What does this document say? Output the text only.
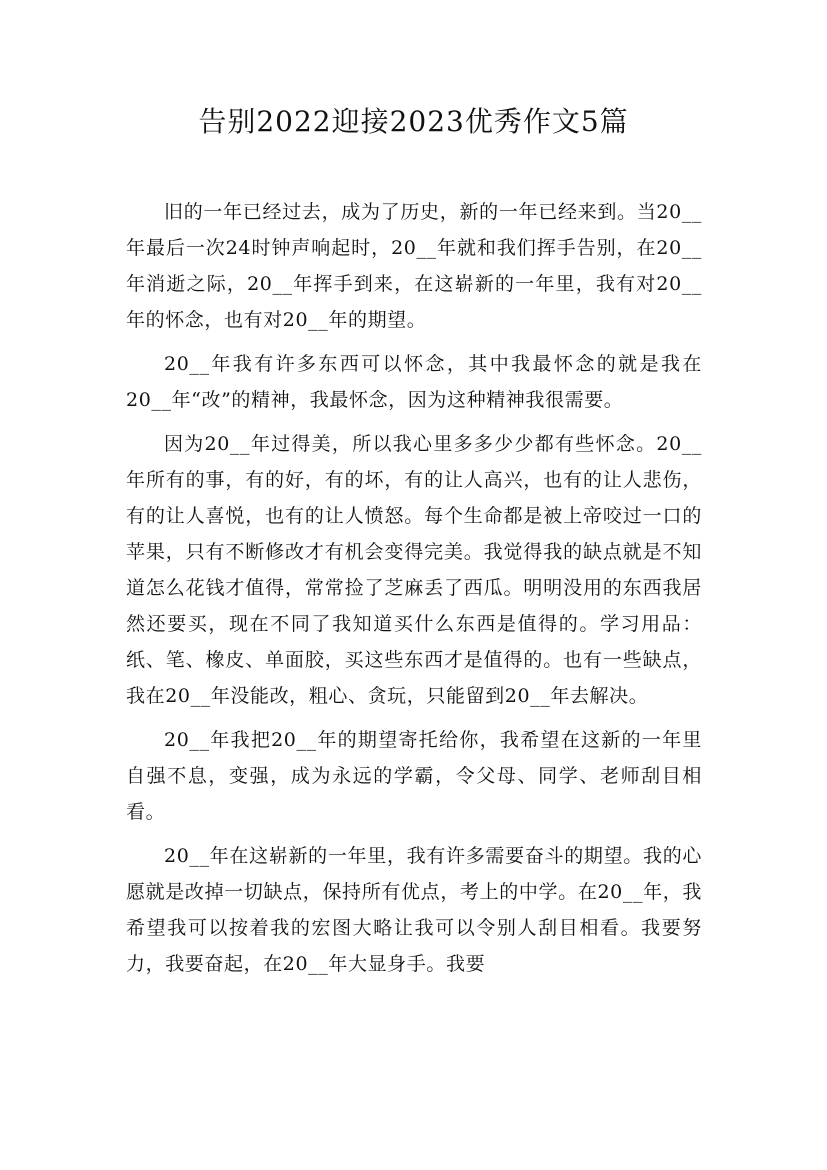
告别2022迎接2023优秀作文5篇

旧的一年已经过去，成为了历史，新的一年已经来到。当20__年最后一次24时钟声响起时，20__年就和我们挥手告别，在20__年消逝之际，20__年挥手到来，在这崭新的一年里，我有对20__年的怀念，也有对20__年的期望。

20__年我有许多东西可以怀念，其中我最怀念的就是我在20__年“改”的精神，我最怀念，因为这种精神我很需要。

因为20__年过得美，所以我心里多多少少都有些怀念。20__年所有的事，有的好，有的坏，有的让人高兴，也有的让人悲伤，有的让人喜悦，也有的让人愤怒。每个生命都是被上帝咬过一口的苹果，只有不断修改才有机会变得完美。我觉得我的缺点就是不知道怎么花钱才值得，常常捡了芝麻丢了西瓜。明明没用的东西我居然还要买，现在不同了我知道买什么东西是值得的。学习用品：纸、笔、橡皮、单面胶，买这些东西才是值得的。也有一些缺点，我在20__年没能改，粗心、贪玩，只能留到20__年去解决。

20__年我把20__年的期望寄托给你，我希望在这新的一年里自强不息，变强，成为永远的学霸，令父母、同学、老师刮目相看。

20__年在这崭新的一年里，我有许多需要奋斗的期望。我的心愿就是改掉一切缺点，保持所有优点，考上的中学。在20__年，我希望我可以按着我的宏图大略让我可以令别人刮目相看。我要努力，我要奋起，在20__年大显身手。我要
